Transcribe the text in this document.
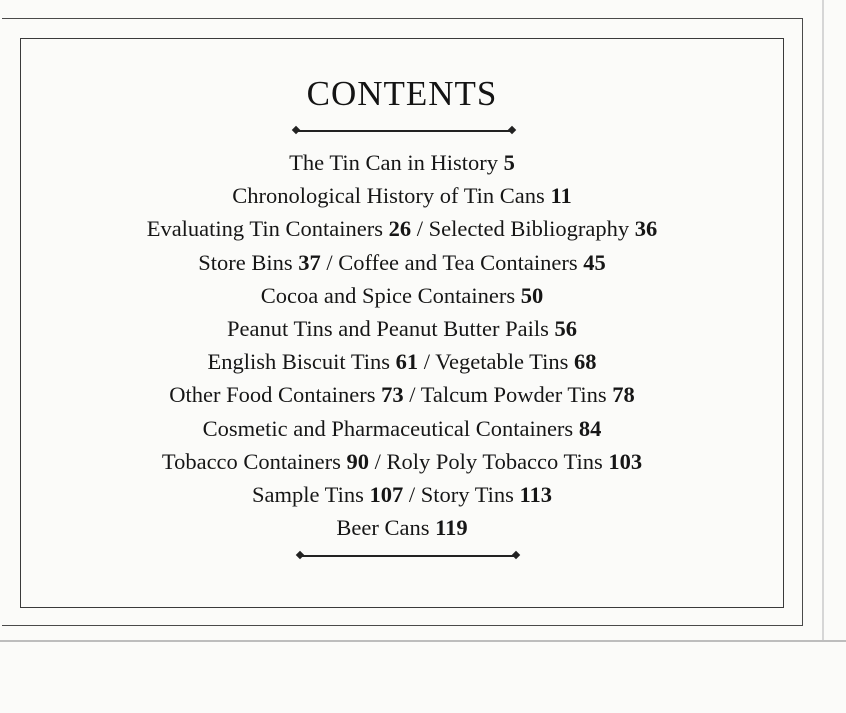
CONTENTS
The Tin Can in History 5
Chronological History of Tin Cans 11
Evaluating Tin Containers 26 / Selected Bibliography 36
Store Bins 37 / Coffee and Tea Containers 45
Cocoa and Spice Containers 50
Peanut Tins and Peanut Butter Pails 56
English Biscuit Tins 61 / Vegetable Tins 68
Other Food Containers 73 / Talcum Powder Tins 78
Cosmetic and Pharmaceutical Containers 84
Tobacco Containers 90 / Roly Poly Tobacco Tins 103
Sample Tins 107 / Story Tins 113
Beer Cans 119
